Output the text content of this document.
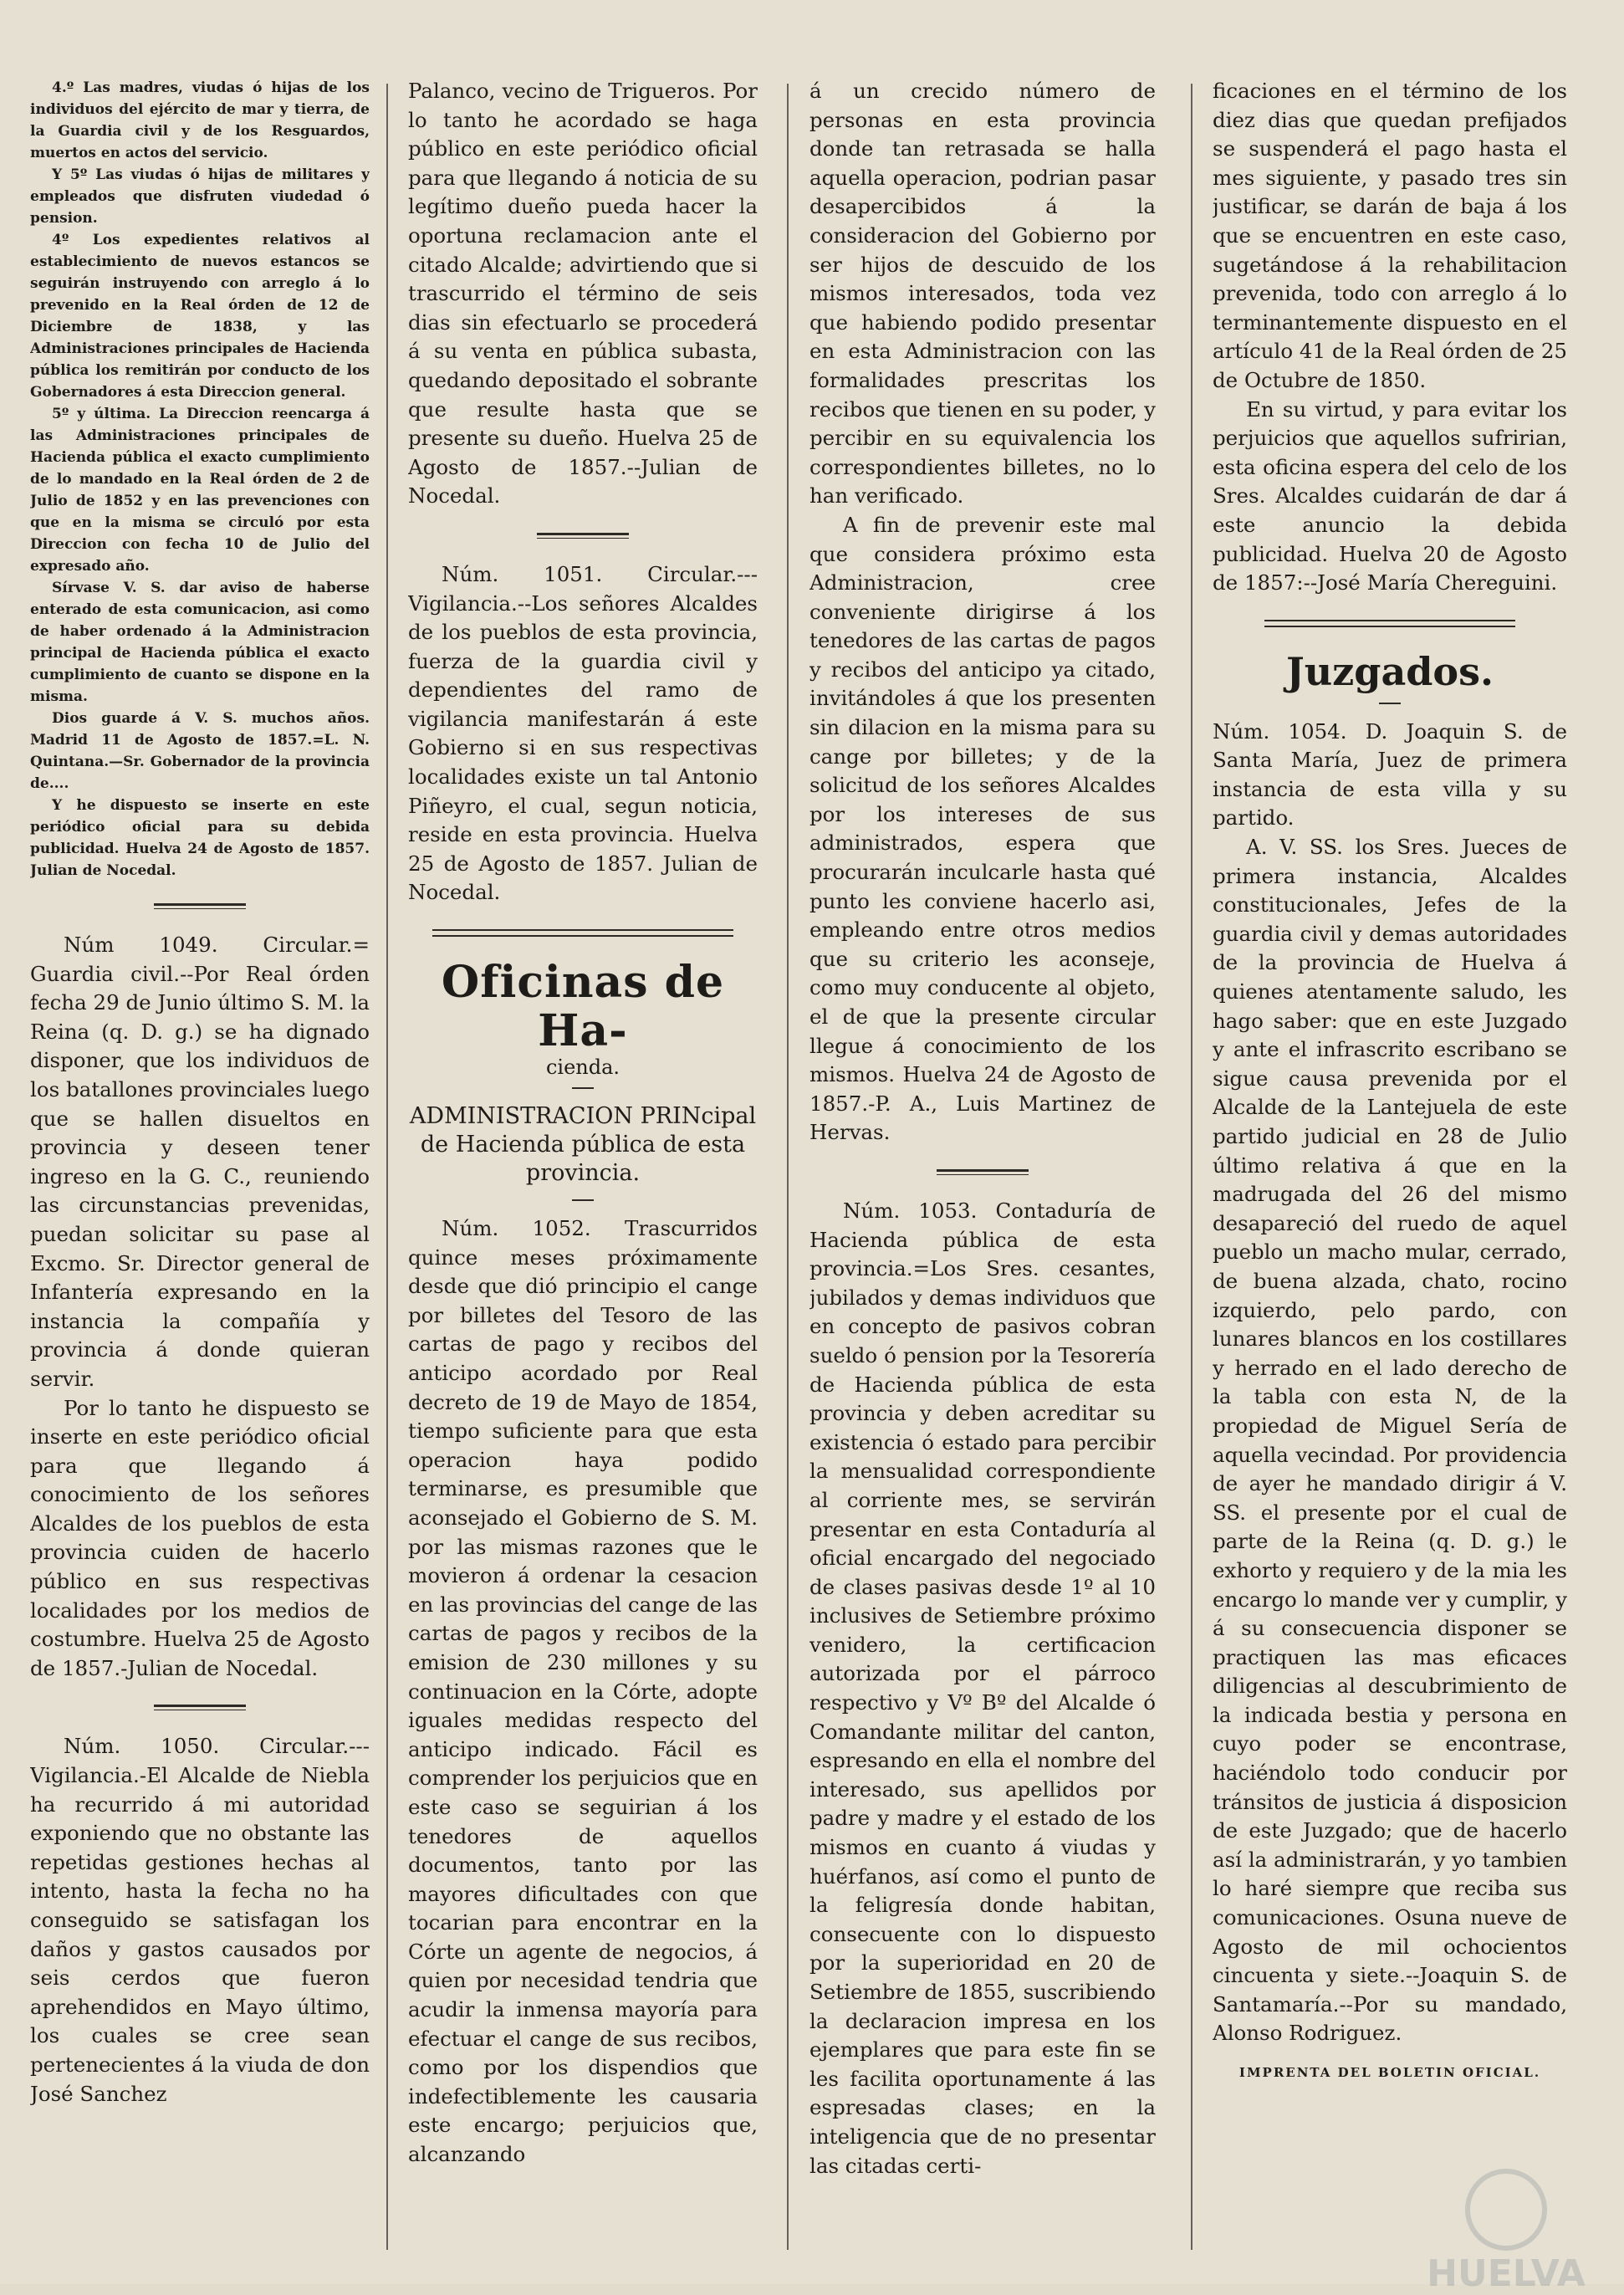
4.º Las madres, viudas ó hijas de los individuos del ejército de mar y tierra, de la Guardia civil y de los Resguardos, muertos en actos del servicio.

Y 5º Las viudas ó hijas de militares y empleados que disfruten viudedad ó pension.

4º Los expedientes relativos al establecimiento de nuevos estancos se seguirán instruyendo con arreglo á lo prevenido en la Real órden de 12 de Diciembre de 1838, y las Administraciones principales de Hacienda pública los remitirán por conducto de los Gobernadores á esta Direccion general.

5º y última. La Direccion reencarga á las Administraciones principales de Hacienda pública el exacto cumplimiento de lo mandado en la Real órden de 2 de Julio de 1852 y en las prevenciones con que en la misma se circuló por esta Direccion con fecha 10 de Julio del expresado año.

Sírvase V. S. dar aviso de haberse enterado de esta comunicacion, asi como de haber ordenado á la Administracion principal de Hacienda pública el exacto cumplimiento de cuanto se dispone en la misma.

Dios guarde á V. S. muchos años. Madrid 11 de Agosto de 1857.=L. N. Quintana.—Sr. Gobernador de la provincia de....

Y he dispuesto se inserte en este periódico oficial para su debida publicidad. Huelva 24 de Agosto de 1857. Julian de Nocedal.

Núm 1049. Circular.= Guardia civil.--Por Real órden fecha 29 de Junio último S. M. la Reina (q. D. g.) se ha dignado disponer, que los individuos de los batallones provinciales luego que se hallen disueltos en provincia y deseen tener ingreso en la G. C., reuniendo las circunstancias prevenidas, puedan solicitar su pase al Excmo. Sr. Director general de Infantería expresando en la instancia la compañía y provincia á donde quieran servir.

Por lo tanto he dispuesto se inserte en este periódico oficial para que llegando á conocimiento de los señores Alcaldes de los pueblos de esta provincia cuiden de hacerlo público en sus respectivas localidades por los medios de costumbre. Huelva 25 de Agosto de 1857.-Julian de Nocedal.

Núm. 1050. Circular.--- Vigilancia.-El Alcalde de Niebla ha recurrido á mi autoridad exponiendo que no obstante las repetidas gestiones hechas al intento, hasta la fecha no ha conseguido se satisfagan los daños y gastos causados por seis cerdos que fueron aprehendidos en Mayo último, los cuales se cree sean pertenecientes á la viuda de don José Sanchez

Palanco, vecino de Trigueros. Por lo tanto he acordado se haga público en este periódico oficial para que llegando á noticia de su legítimo dueño pueda hacer la oportuna reclamacion ante el citado Alcalde; advirtiendo que si trascurrido el término de seis dias sin efectuarlo se procederá á su venta en pública subasta, quedando depositado el sobrante que resulte hasta que se presente su dueño. Huelva 25 de Agosto de 1857.--Julian de Nocedal.

Núm. 1051. Circular.--- Vigilancia.--Los señores Alcaldes de los pueblos de esta provincia, fuerza de la guardia civil y dependientes del ramo de vigilancia manifestarán á este Gobierno si en sus respectivas localidades existe un tal Antonio Piñeyro, el cual, segun noticia, reside en esta provincia. Huelva 25 de Agosto de 1857. Julian de Nocedal.

Oficinas de Ha-
cienda.
ADMINISTRACION PRINcipal de Hacienda pública de esta provincia.

Núm. 1052. Trascurridos quince meses próximamente desde que dió principio el cange por billetes del Tesoro de las cartas de pago y recibos del anticipo acordado por Real decreto de 19 de Mayo de 1854, tiempo suficiente para que esta operacion haya podido terminarse, es presumible que aconsejado el Gobierno de S. M. por las mismas razones que le movieron á ordenar la cesacion en las provincias del cange de las cartas de pagos y recibos de la emision de 230 millones y su continuacion en la Córte, adopte iguales medidas respecto del anticipo indicado. Fácil es comprender los perjuicios que en este caso se seguirian á los tenedores de aquellos documentos, tanto por las mayores dificultades con que tocarian para encontrar en la Córte un agente de negocios, á quien por necesidad tendria que acudir la inmensa mayoría para efectuar el cange de sus recibos, como por los dispendios que indefectiblemente les causaria este encargo; perjuicios que, alcanzando

á un crecido número de personas en esta provincia donde tan retrasada se halla aquella operacion, podrian pasar desapercibidos á la consideracion del Gobierno por ser hijos de descuido de los mismos interesados, toda vez que habiendo podido presentar en esta Administracion con las formalidades prescritas los recibos que tienen en su poder, y percibir en su equivalencia los correspondientes billetes, no lo han verificado.

A fin de prevenir este mal que considera próximo esta Administracion, cree conveniente dirigirse á los tenedores de las cartas de pagos y recibos del anticipo ya citado, invitándoles á que los presenten sin dilacion en la misma para su cange por billetes; y de la solicitud de los señores Alcaldes por los intereses de sus administrados, espera que procurarán inculcarle hasta qué punto les conviene hacerlo asi, empleando entre otros medios que su criterio les aconseje, como muy conducente al objeto, el de que la presente circular llegue á conocimiento de los mismos. Huelva 24 de Agosto de 1857.-P. A., Luis Martinez de Hervas.

Núm. 1053. Contaduría de Hacienda pública de esta provincia.=Los Sres. cesantes, jubilados y demas individuos que en concepto de pasivos cobran sueldo ó pension por la Tesorería de Hacienda pública de esta provincia y deben acreditar su existencia ó estado para percibir la mensualidad correspondiente al corriente mes, se servirán presentar en esta Contaduría al oficial encargado del negociado de clases pasivas desde 1º al 10 inclusives de Setiembre próximo venidero, la certificacion autorizada por el párroco respectivo y Vº Bº del Alcalde ó Comandante militar del canton, espresando en ella el nombre del interesado, sus apellidos por padre y madre y el estado de los mismos en cuanto á viudas y huérfanos, así como el punto de la feligresía donde habitan, consecuente con lo dispuesto por la superioridad en 20 de Setiembre de 1855, suscribiendo la declaracion impresa en los ejemplares que para este fin se les facilita oportunamente á las espresadas clases; en la inteligencia que de no presentar las citadas certi-

ficaciones en el término de los diez dias que quedan prefijados se suspenderá el pago hasta el mes siguiente, y pasado tres sin justificar, se darán de baja á los que se encuentren en este caso, sugetándose á la rehabilitacion prevenida, todo con arreglo á lo terminantemente dispuesto en el artículo 41 de la Real órden de 25 de Octubre de 1850.

En su virtud, y para evitar los perjuicios que aquellos sufririan, esta oficina espera del celo de los Sres. Alcaldes cuidarán de dar á este anuncio la debida publicidad. Huelva 20 de Agosto de 1857:--José María Chereguini.

Juzgados.

Núm. 1054. D. Joaquin S. de Santa María, Juez de primera instancia de esta villa y su partido.

A. V. SS. los Sres. Jueces de primera instancia, Alcaldes constitucionales, Jefes de la guardia civil y demas autoridades de la provincia de Huelva á quienes atentamente saludo, les hago saber: que en este Juzgado y ante el infrascrito escribano se sigue causa prevenida por el Alcalde de la Lantejuela de este partido judicial en 28 de Julio último relativa á que en la madrugada del 26 del mismo desapareció del ruedo de aquel pueblo un macho mular, cerrado, de buena alzada, chato, rocino izquierdo, pelo pardo, con lunares blancos en los costillares y herrado en el lado derecho de la tabla con esta N, de la propiedad de Miguel Sería de aquella vecindad. Por providencia de ayer he mandado dirigir á V. SS. el presente por el cual de parte de la Reina (q. D. g.) le exhorto y requiero y de la mia les encargo lo mande ver y cumplir, y á su consecuencia disponer se practiquen las mas eficaces diligencias al descubrimiento de la indicada bestia y persona en cuyo poder se encontrase, haciéndolo todo conducir por tránsitos de justicia á disposicion de este Juzgado; que de hacerlo así la administrarán, y yo tambien lo haré siempre que reciba sus comunicaciones. Osuna nueve de Agosto de mil ochocientos cincuenta y siete.--Joaquin S. de Santamaría.--Por su mandado, Alonso Rodriguez.

IMPRENTA DEL BOLETIN OFICIAL.
HUELVA
